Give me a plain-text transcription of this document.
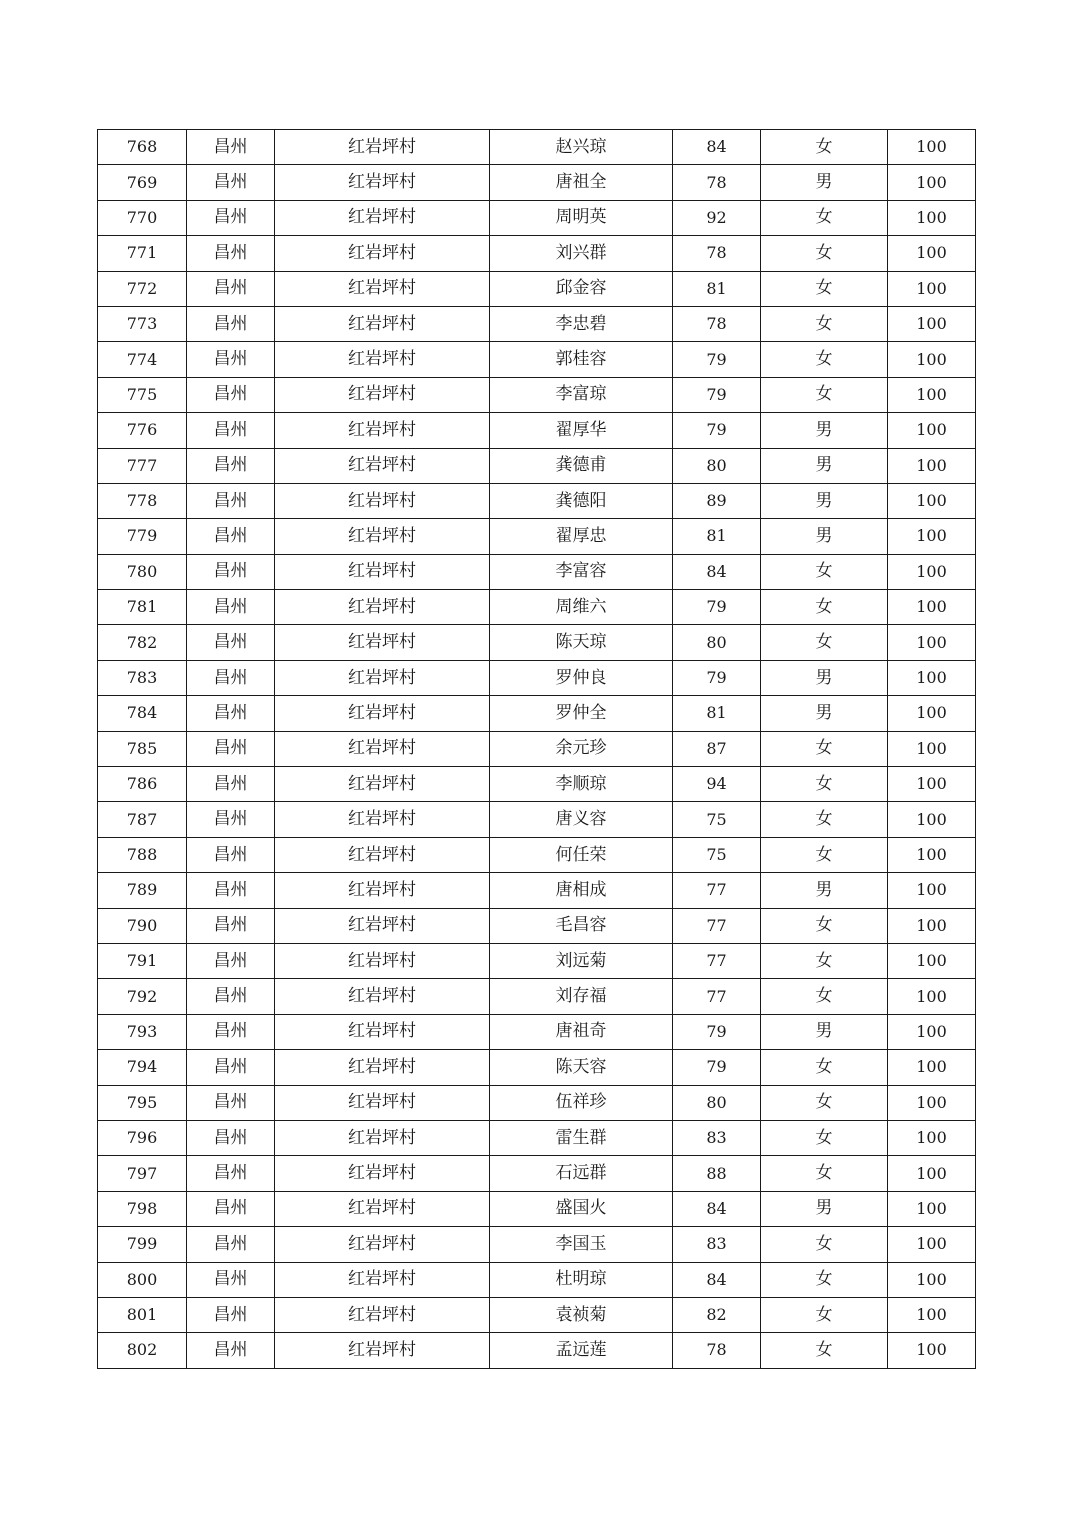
768	昌州	红岩坪村	赵兴琼	84	女	100
769	昌州	红岩坪村	唐祖全	78	男	100
770	昌州	红岩坪村	周明英	92	女	100
771	昌州	红岩坪村	刘兴群	78	女	100
772	昌州	红岩坪村	邱金容	81	女	100
773	昌州	红岩坪村	李忠碧	78	女	100
774	昌州	红岩坪村	郭桂容	79	女	100
775	昌州	红岩坪村	李富琼	79	女	100
776	昌州	红岩坪村	翟厚华	79	男	100
777	昌州	红岩坪村	龚德甫	80	男	100
778	昌州	红岩坪村	龚德阳	89	男	100
779	昌州	红岩坪村	翟厚忠	81	男	100
780	昌州	红岩坪村	李富容	84	女	100
781	昌州	红岩坪村	周维六	79	女	100
782	昌州	红岩坪村	陈天琼	80	女	100
783	昌州	红岩坪村	罗仲良	79	男	100
784	昌州	红岩坪村	罗仲全	81	男	100
785	昌州	红岩坪村	余元珍	87	女	100
786	昌州	红岩坪村	李顺琼	94	女	100
787	昌州	红岩坪村	唐义容	75	女	100
788	昌州	红岩坪村	何任荣	75	女	100
789	昌州	红岩坪村	唐相成	77	男	100
790	昌州	红岩坪村	毛昌容	77	女	100
791	昌州	红岩坪村	刘远菊	77	女	100
792	昌州	红岩坪村	刘存福	77	女	100
793	昌州	红岩坪村	唐祖奇	79	男	100
794	昌州	红岩坪村	陈天容	79	女	100
795	昌州	红岩坪村	伍祥珍	80	女	100
796	昌州	红岩坪村	雷生群	83	女	100
797	昌州	红岩坪村	石远群	88	女	100
798	昌州	红岩坪村	盛国火	84	男	100
799	昌州	红岩坪村	李国玉	83	女	100
800	昌州	红岩坪村	杜明琼	84	女	100
801	昌州	红岩坪村	袁祯菊	82	女	100
802	昌州	红岩坪村	孟远莲	78	女	100
